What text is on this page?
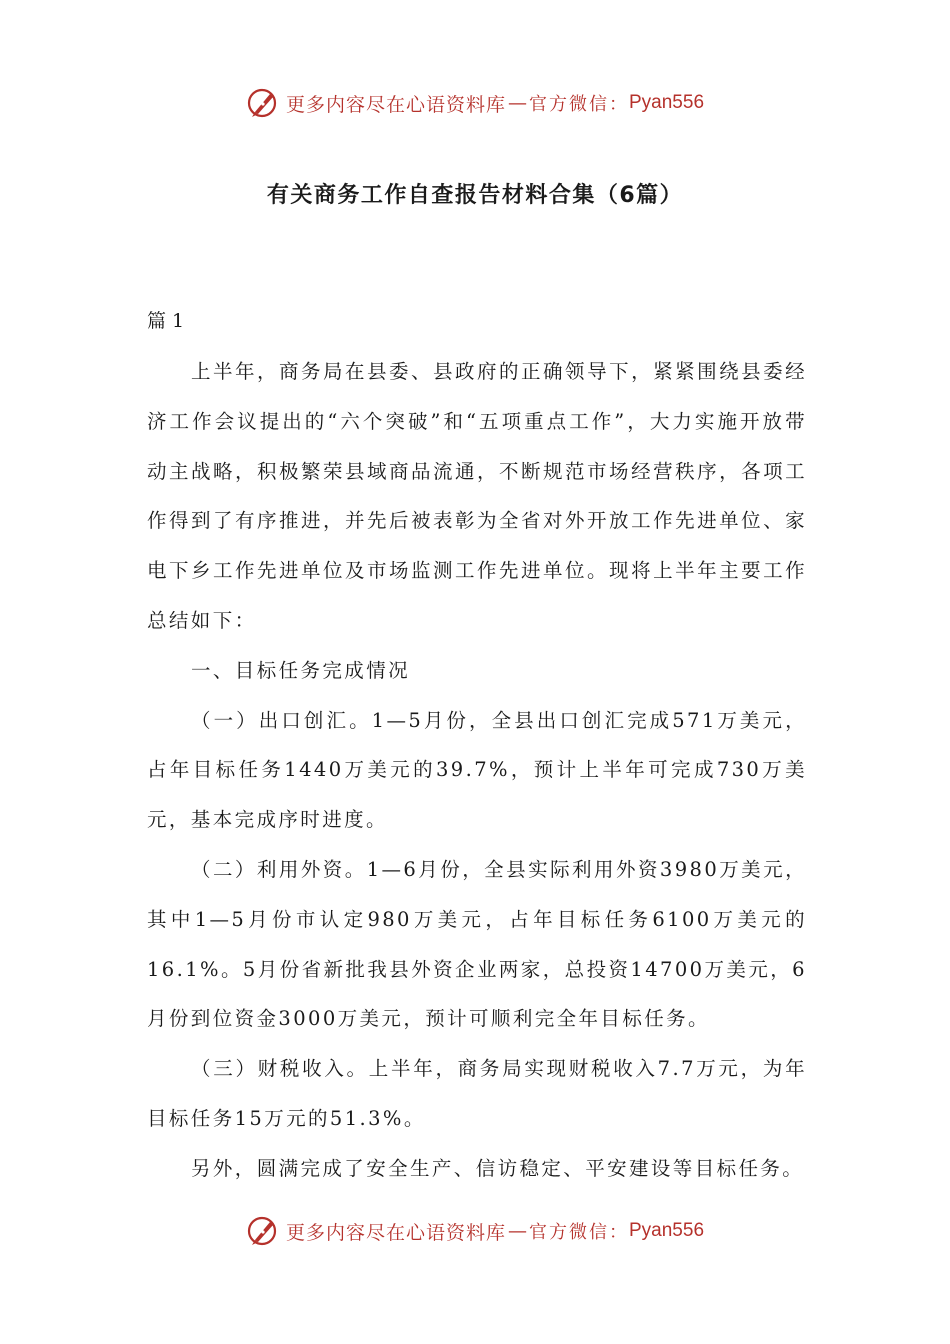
更多内容尽在心语资料库 — 官方微信： Pyan556
有关商务工作自查报告材料合集（6篇）
篇 1

上半年，商务局在县委、县政府的正确领导下，紧紧围绕县委经济工作会议提出的“六个突破”和“五项重点工作”，大力实施开放带动主战略，积极繁荣县域商品流通，不断规范市场经营秩序，各项工作得到了有序推进，并先后被表彰为全省对外开放工作先进单位、家电下乡工作先进单位及市场监测工作先进单位。现将上半年主要工作总结如下：

一、目标任务完成情况

（一）出口创汇。1—5月份，全县出口创汇完成571万美元，占年目标任务1440万美元的39.7%，预计上半年可完成730万美元，基本完成序时进度。

（二）利用外资。1—6月份，全县实际利用外资3980万美元，其中1—5月份市认定980万美元，占年目标任务6100万美元的16.1%。5月份省新批我县外资企业两家，总投资14700万美元，6月份到位资金3000万美元，预计可顺利完全年目标任务。

（三）财税收入。上半年，商务局实现财税收入7.7万元，为年目标任务15万元的51.3%。

另外，圆满完成了安全生产、信访稳定、平安建设等目标任务。

更多内容尽在心语资料库 — 官方微信： Pyan556
